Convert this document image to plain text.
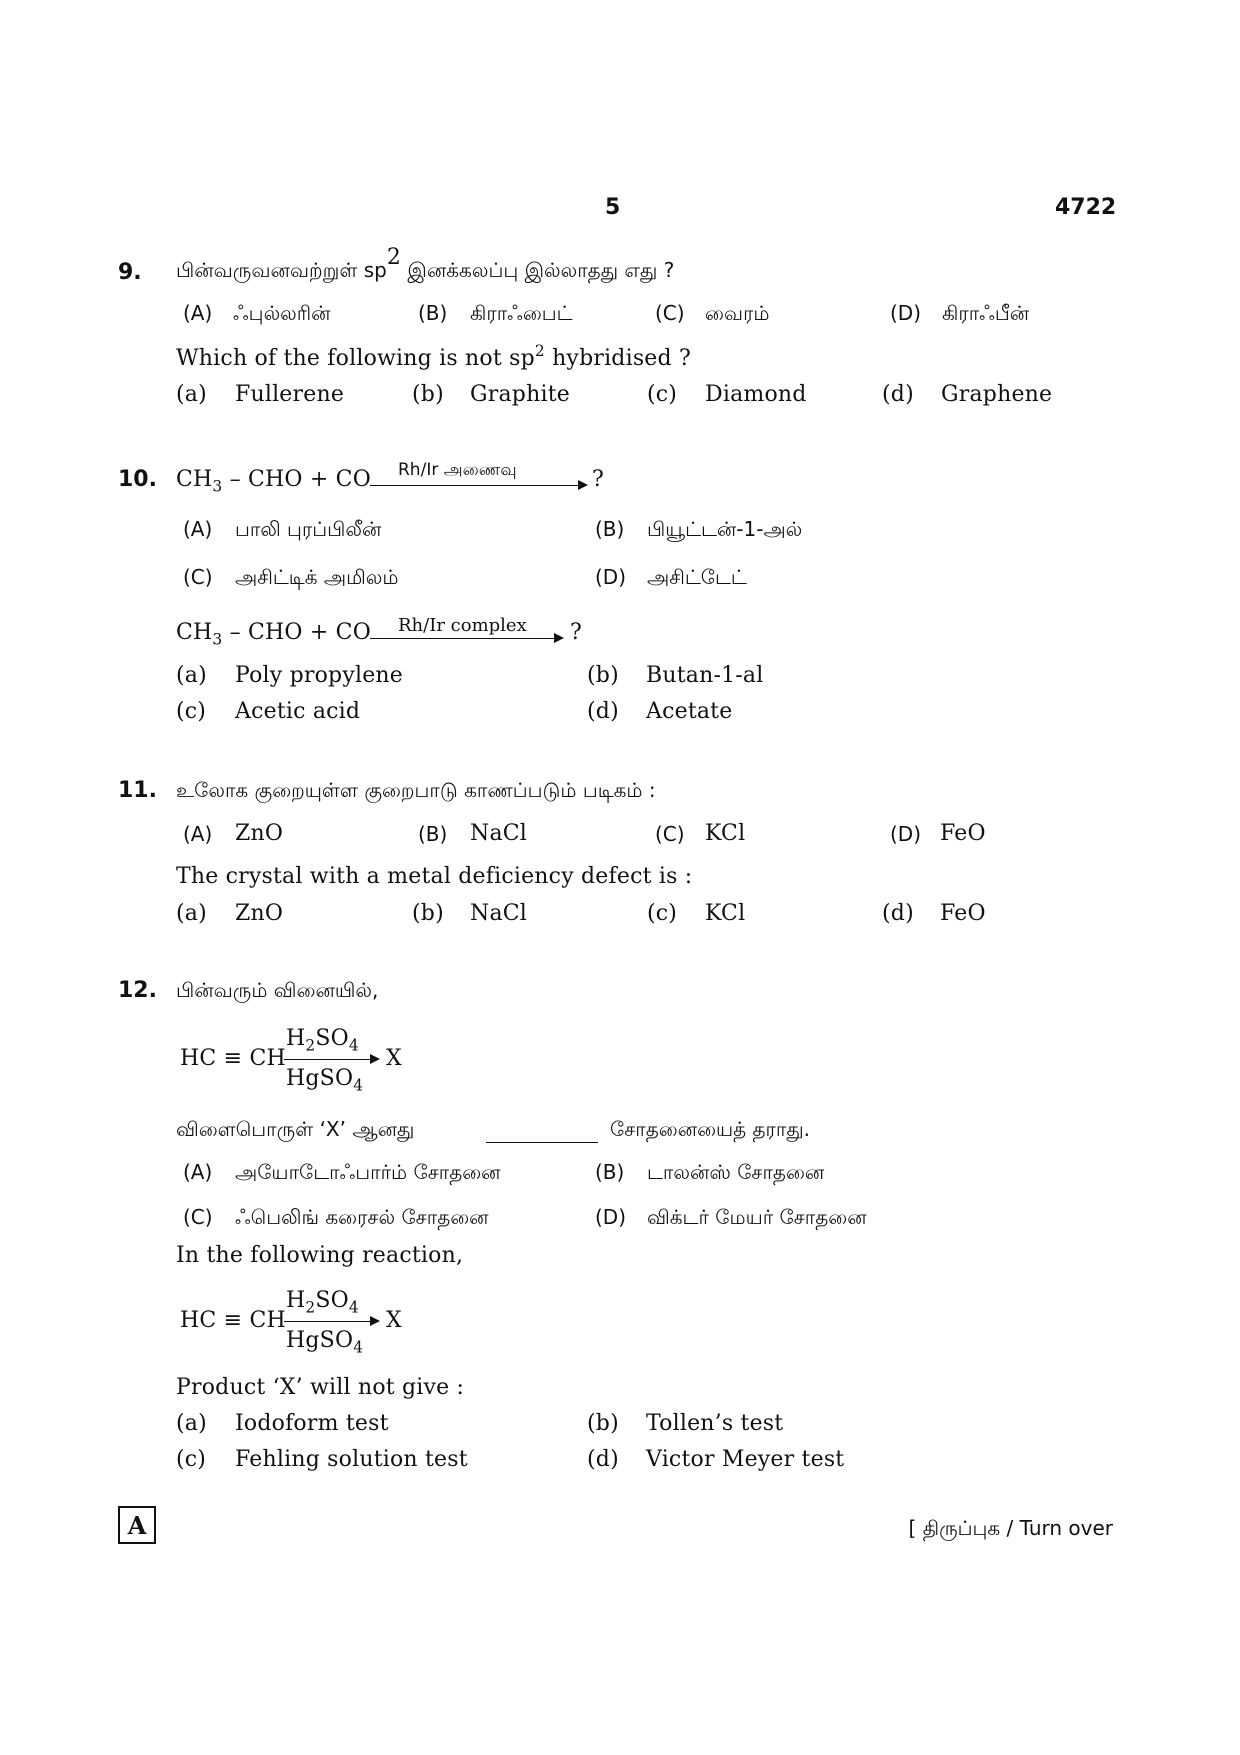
5	4722
9. பின்வருவனவற்றுள் $sp^2$ இனக்கலப்பு இல்லாதது எது ?
(A) ஃபுல்லரின்	(B) கிராஃபைட்	(C) வைரம்	(D) கிராஃபீன்
Which of the following is not $sp^2$ hybridised ?
(a) Fullerene	(b) Graphite	(c) Diamond	(d) Graphene
10. $CH_3$ – CHO + CO Rh/Ir அணைவு	?
(A) பாலி புரப்பிலீன்	(B) பியூட்டன்-1-அல்
(C) அசிட்டிக் அமிலம்	(D) அசிட்டேட்
$CH_3$ – CHO + CO Rh/Ir complex ?
(a) Poly propylene	(b) Butan-1-al
(c) Acetic acid	(d) Acetate
11. உலோக குறையுள்ள குறைபாடு காணப்படும் படிகம் :
(A) ZnO	(B) NaCl	(C) KCl	(D) FeO
The crystal with a metal deficiency defect is :
(a) ZnO	(b) NaCl	(c) KCl	(d) FeO
12. பின்வரும் வினையில்,
HC ≡ CH
$H_2SO_4$
HgSO$_4$
X
விளைபொருள் ‘X’ ஆனது	சோதனையைத் தராது.
(A) அயோடோஃபார்ம் சோதனை	(B) டாலன்ஸ் சோதனை
(C) ஃபெலிங் கரைசல் சோதனை	(D) விக்டர் மேயர் சோதனை
In the following reaction,
HC ≡ CH
$H_2SO_4$
HgSO$_4$
X
Product ‘X’ will not give :
(a) Iodoform test	(b) Tollen’s test
(c) Fehling solution test	(d) Victor Meyer test
A	[ திருப்புக / Turn over
